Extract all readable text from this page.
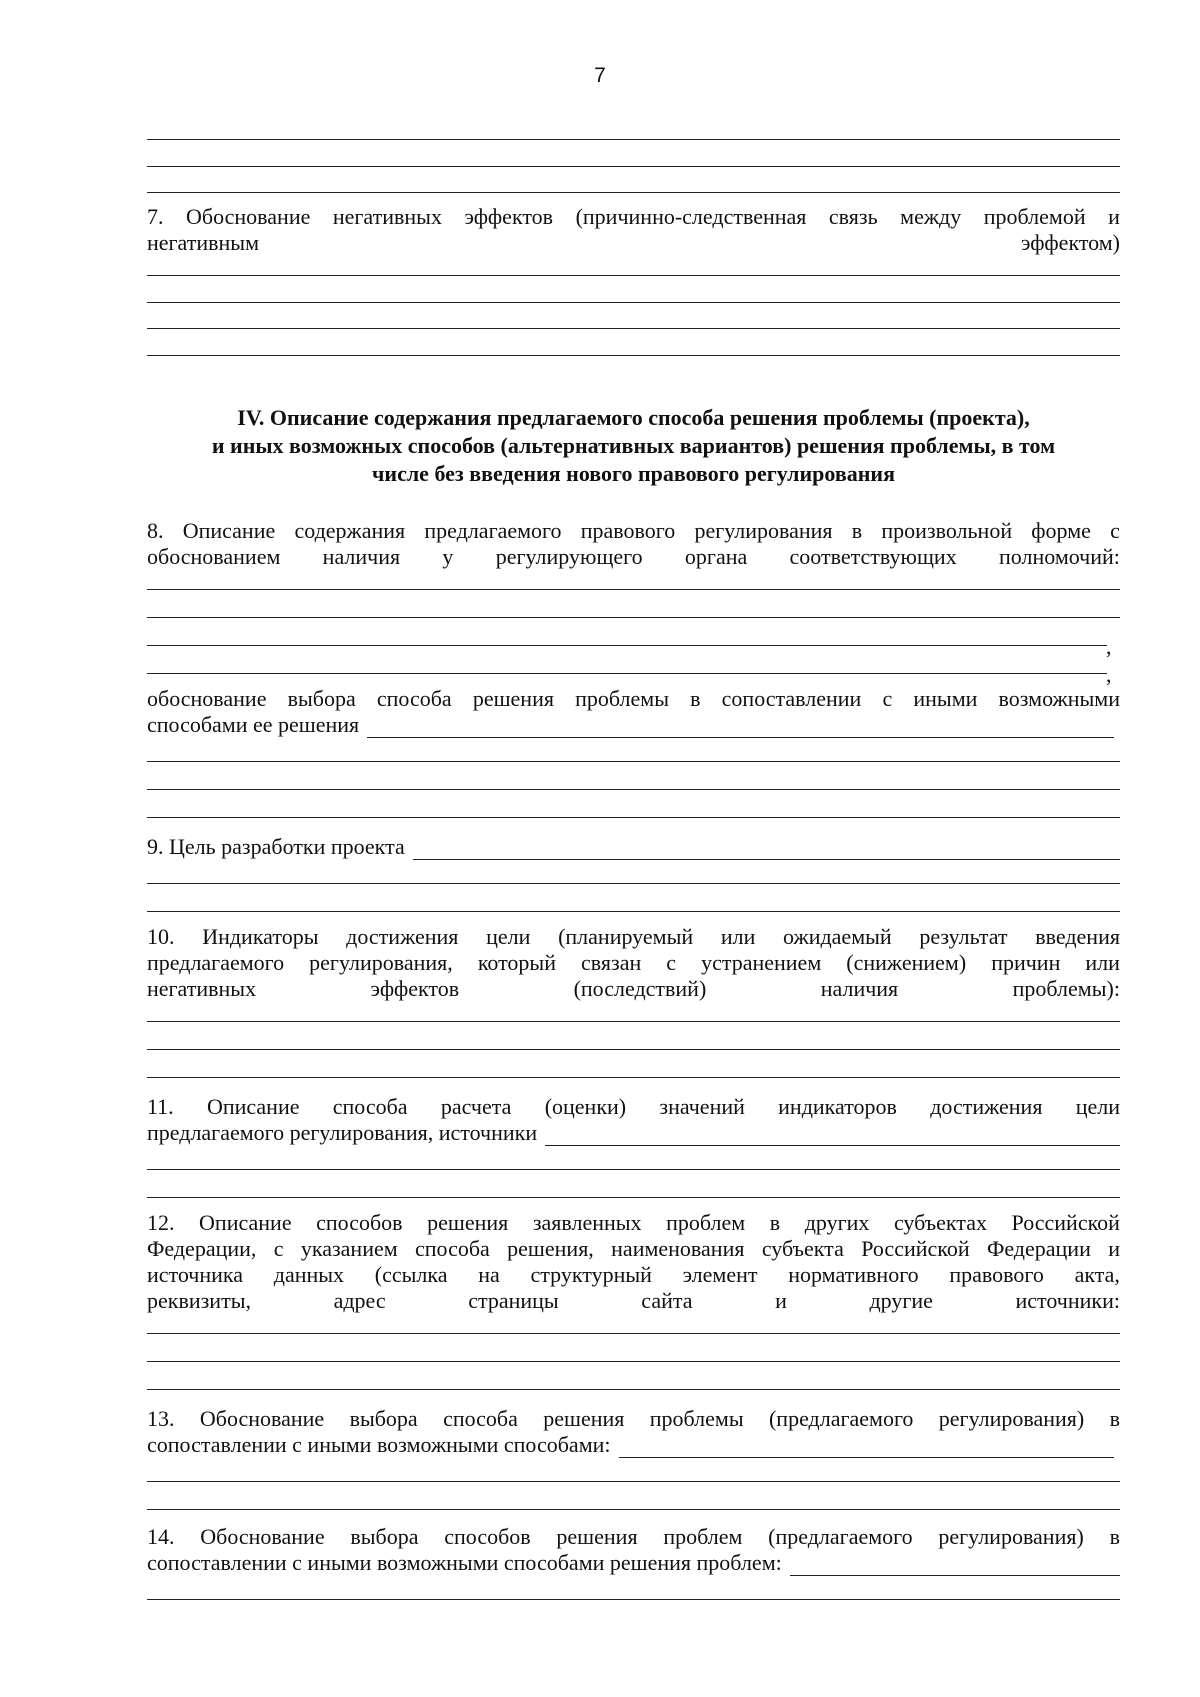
7
7. Обоснование негативных эффектов (причинно-следственная связь между проблемой и
негативным	эффектом)
IV. Описание содержания предлагаемого способа решения проблемы (проекта),
и иных возможных способов (альтернативных вариантов) решения проблемы, в том
числе без введения нового правового регулирования
8. Описание содержания предлагаемого правового регулирования в произвольной форме с
обоснованием наличия у регулирующего органа соответствующих полномочий:
,
,
обоснование выбора способа решения проблемы в сопоставлении с иными возможными
способами ее решения
9. Цель разработки проекта
10. Индикаторы достижения цели (планируемый или ожидаемый результат введения
предлагаемого регулирования, который связан с устранением (снижением) причин или
негативных	эффектов	(последствий)	наличия	проблемы):
11. Описание способа расчета (оценки) значений индикаторов достижения цели
предлагаемого регулирования, источники
12. Описание способов решения заявленных проблем в других субъектах Российской
Федерации, с указанием способа решения, наименования субъекта Российской Федерации и
источника данных (ссылка на структурный элемент нормативного правового акта,
реквизиты,	адрес	страницы	сайта	и	другие	источники:
13. Обоснование выбора способа решения проблемы (предлагаемого регулирования) в
сопоставлении с иными возможными способами:
14. Обоснование выбора способов решения проблем (предлагаемого регулирования) в
сопоставлении с иными возможными способами решения проблем:
